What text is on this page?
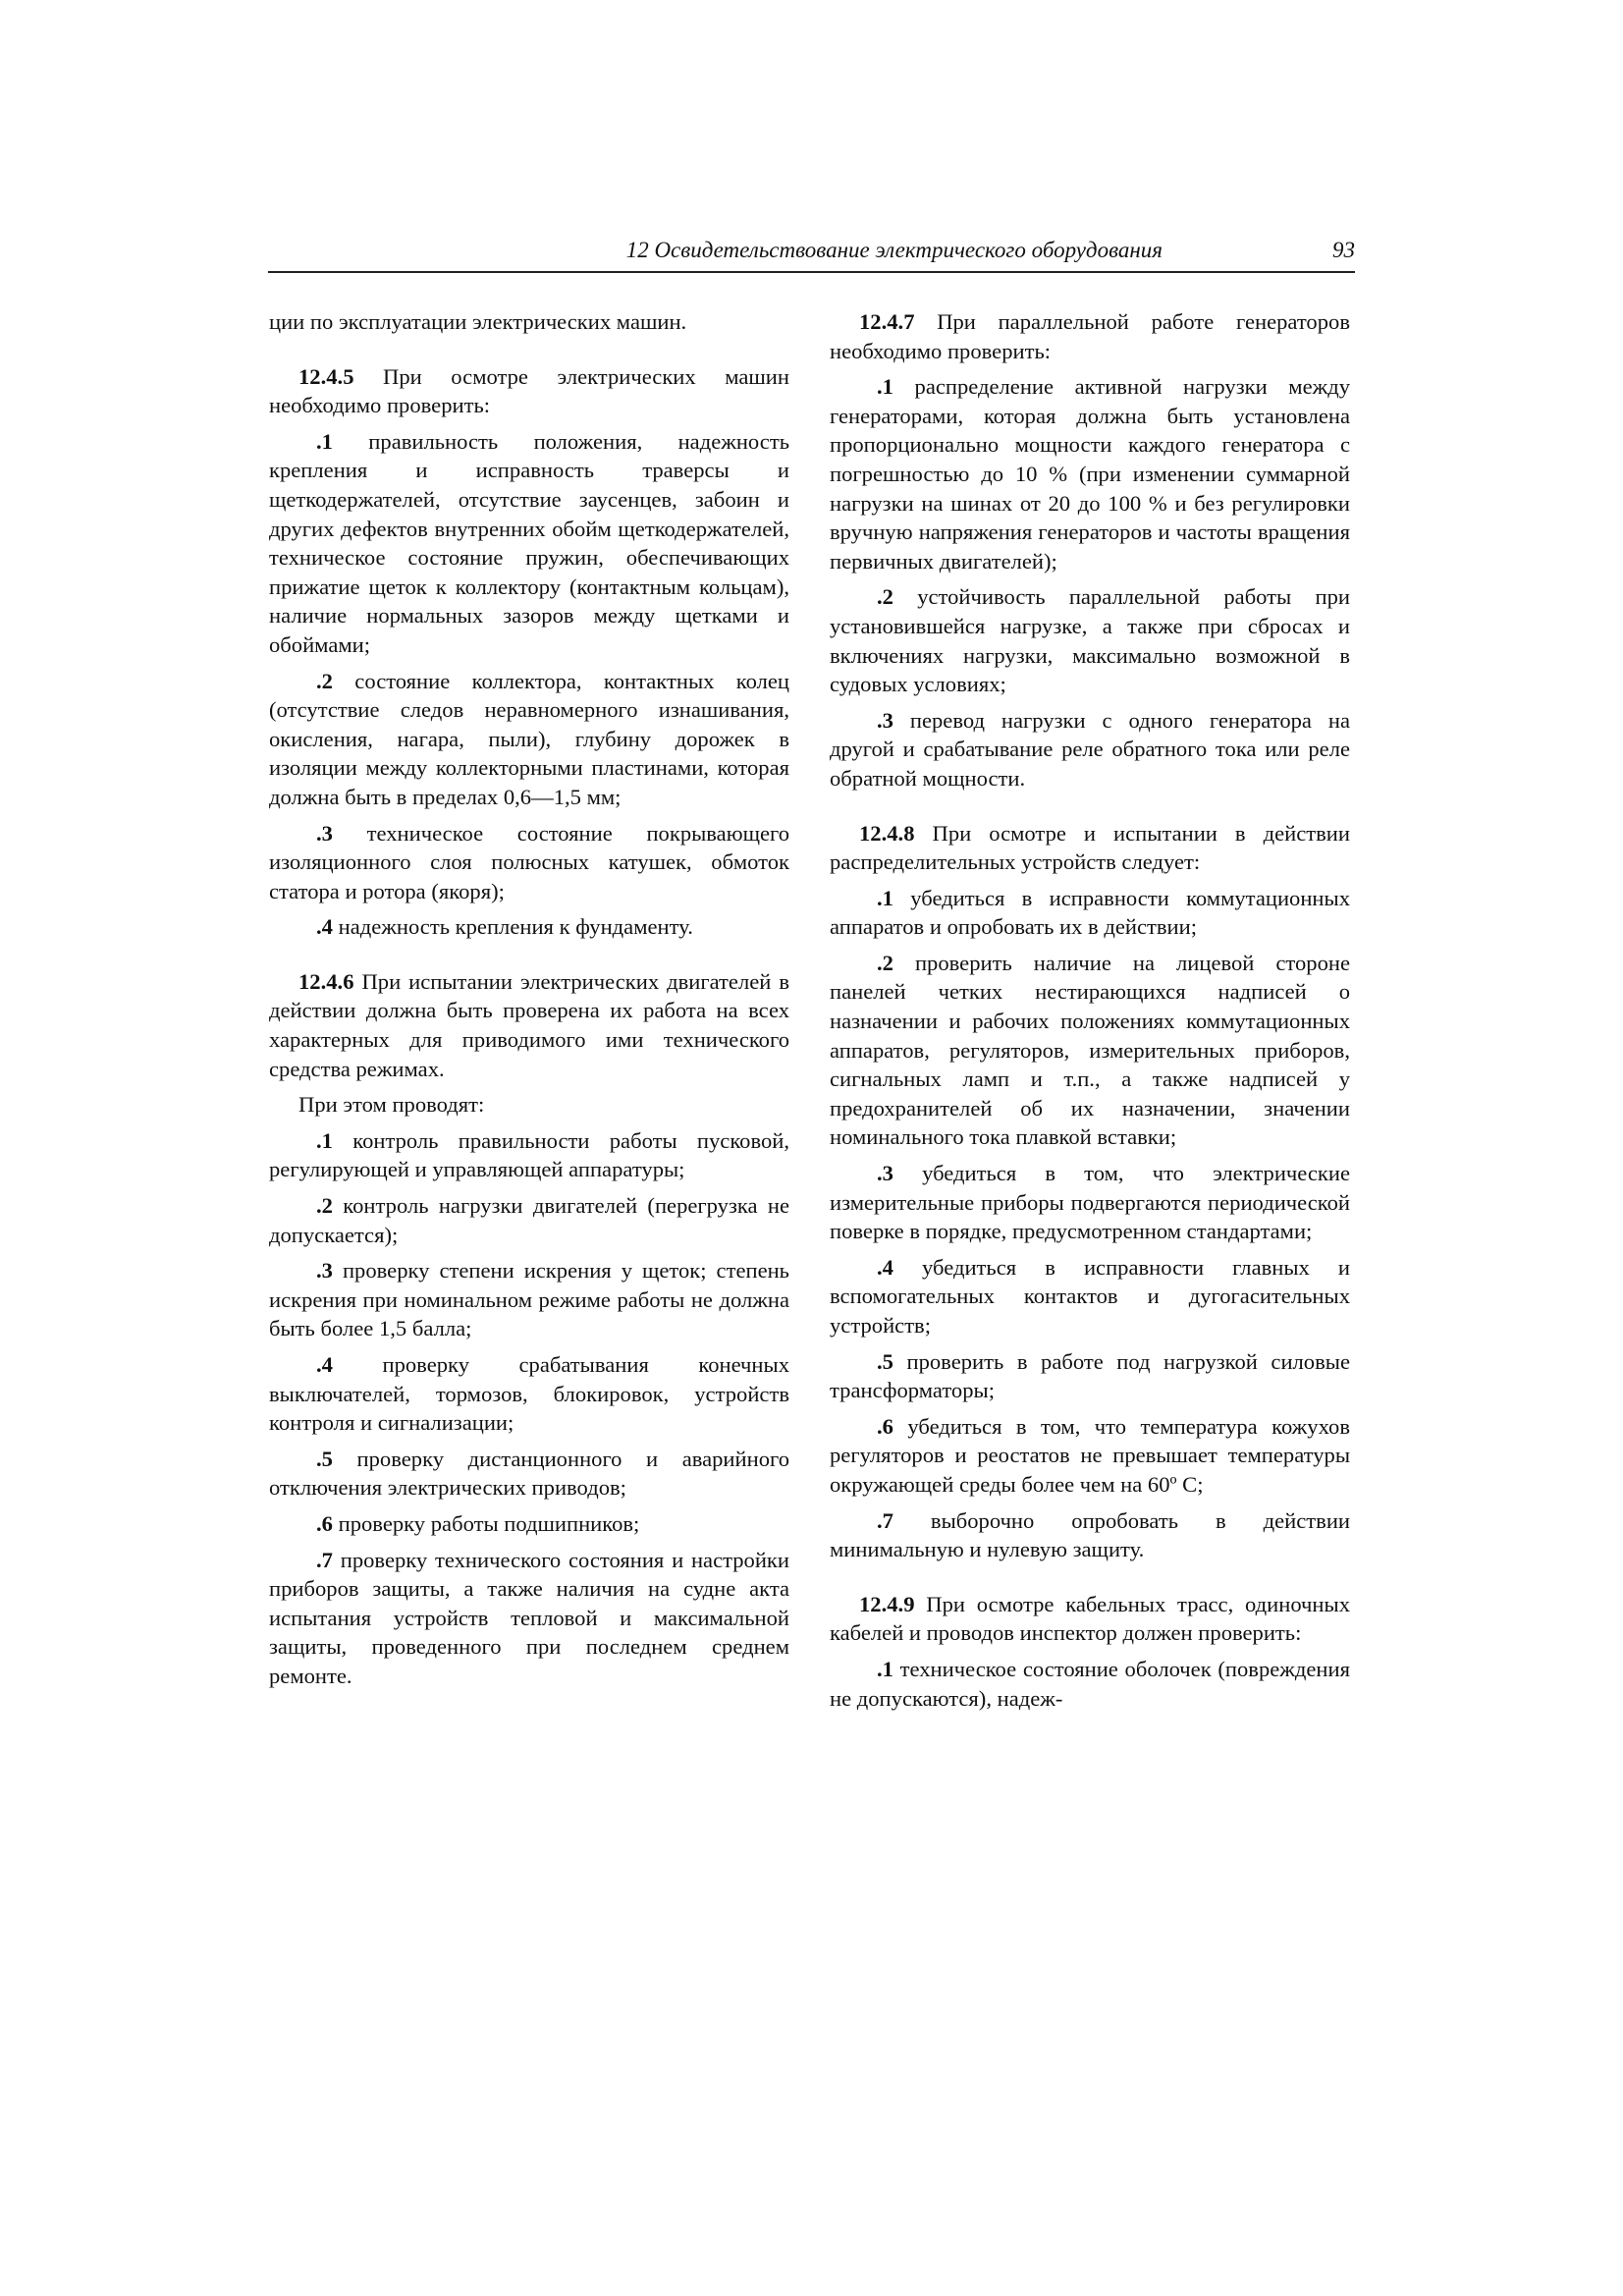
12 Освидетельствование электрического оборудования	93

ции по эксплуатации электрических машин.

12.4.5 При осмотре электрических машин необходимо проверить:

.1 правильность положения, надежность крепления и исправность траверсы и щеткодержателей, отсутствие заусенцев, забоин и других дефектов внутренних обойм щеткодержателей, техническое состояние пружин, обеспечивающих прижатие щеток к коллектору (контактным кольцам), наличие нормальных зазоров между щетками и обоймами;

.2 состояние коллектора, контактных колец (отсутствие следов неравномерного изнашивания, окисления, нагара, пыли), глубину дорожек в изоляции между коллекторными пластинами, которая должна быть в пределах 0,6—1,5 мм;

.3 техническое состояние покрывающего изоляционного слоя полюсных катушек, обмоток статора и ротора (якоря);

.4 надежность крепления к фундаменту.

12.4.6 При испытании электрических двигателей в действии должна быть проверена их работа на всех характерных для приводимого ими технического средства режимах.

При этом проводят:

.1 контроль правильности работы пусковой, регулирующей и управляющей аппаратуры;

.2 контроль нагрузки двигателей (перегрузка не допускается);

.3 проверку степени искрения у щеток; степень искрения при номинальном режиме работы не должна быть более 1,5 балла;

.4 проверку срабатывания конечных выключателей, тормозов, блокировок, устройств контроля и сигнализации;

.5 проверку дистанционного и аварийного отключения электрических приводов;

.6 проверку работы подшипников;

.7 проверку технического состояния и настройки приборов защиты, а также наличия на судне акта испытания устройств тепловой и максимальной защиты, проведенного при последнем среднем ремонте.

12.4.7 При параллельной работе генераторов необходимо проверить:

.1 распределение активной нагрузки между генераторами, которая должна быть установлена пропорционально мощности каждого генератора с погрешностью до 10 % (при изменении суммарной нагрузки на шинах от 20 до 100 % и без регулировки вручную напряжения генераторов и частоты вращения первичных двигателей);

.2 устойчивость параллельной работы при установившейся нагрузке, а также при сбросах и включениях нагрузки, максимально возможной в судовых условиях;

.3 перевод нагрузки с одного генератора на другой и срабатывание реле обратного тока или реле обратной мощности.

12.4.8 При осмотре и испытании в действии распределительных устройств следует:

.1 убедиться в исправности коммутационных аппаратов и опробовать их в действии;

.2 проверить наличие на лицевой стороне панелей четких нестирающихся надписей о назначении и рабочих положениях коммутационных аппаратов, регуляторов, измерительных приборов, сигнальных ламп и т.п., а также надписей у предохранителей об их назначении, значении номинального тока плавкой вставки;

.3 убедиться в том, что электрические измерительные приборы подвергаются периодической поверке в порядке, предусмотренном стандартами;

.4 убедиться в исправности главных и вспомогательных контактов и дугогасительных устройств;

.5 проверить в работе под нагрузкой силовые трансформаторы;

.6 убедиться в том, что температура кожухов регуляторов и реостатов не превышает температуры окружающей среды более чем на 60º С;

.7 выборочно опробовать в действии минимальную и нулевую защиту.

12.4.9 При осмотре кабельных трасс, одиночных кабелей и проводов инспектор должен проверить:

.1 техническое состояние оболочек (повреждения не допускаются), надеж-
